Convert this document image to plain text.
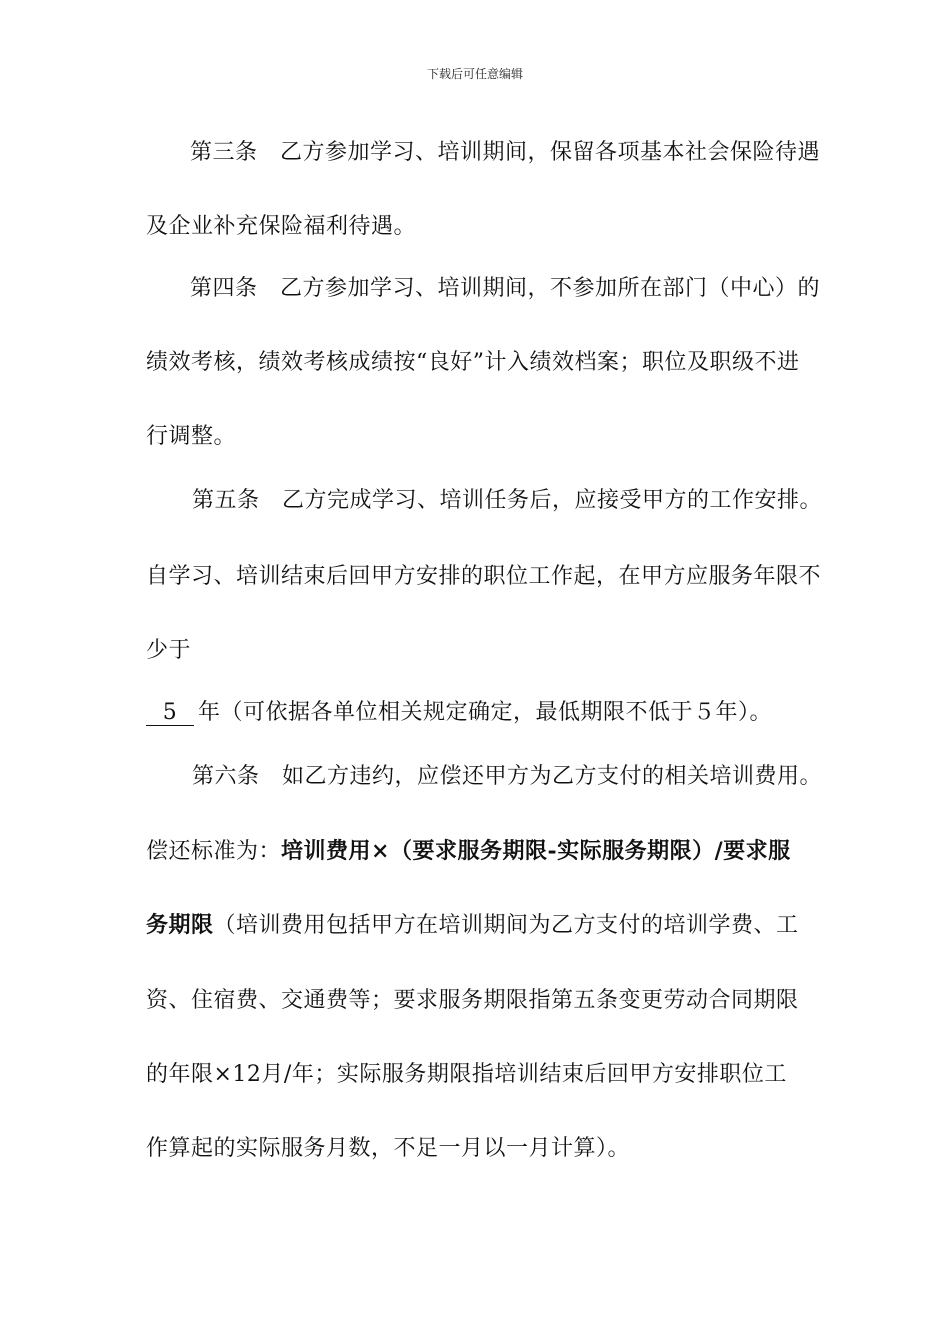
下载后可任意编辑
第三条　乙方参加学习、培训期间，保留各项基本社会保险待遇
及企业补充保险福利待遇。
第四条　乙方参加学习、培训期间，不参加所在部门（中心）的
绩效考核，绩效考核成绩按“良好”计入绩效档案；职位及职级不进
行调整。
第五条　乙方完成学习、培训任务后，应接受甲方的工作安排。
自学习、培训结束后回甲方安排的职位工作起，在甲方应服务年限不
少于
5 年（可依据各单位相关规定确定，最低期限不低于５年）。
第六条　如乙方违约，应偿还甲方为乙方支付的相关培训费用。
偿还标准为：培训费用×（要求服务期限-实际服务期限）/要求服
务期限（培训费用包括甲方在培训期间为乙方支付的培训学费、工
资、住宿费、交通费等；要求服务期限指第五条变更劳动合同期限
的年限×12月/年；实际服务期限指培训结束后回甲方安排职位工
作算起的实际服务月数，不足一月以一月计算）。
